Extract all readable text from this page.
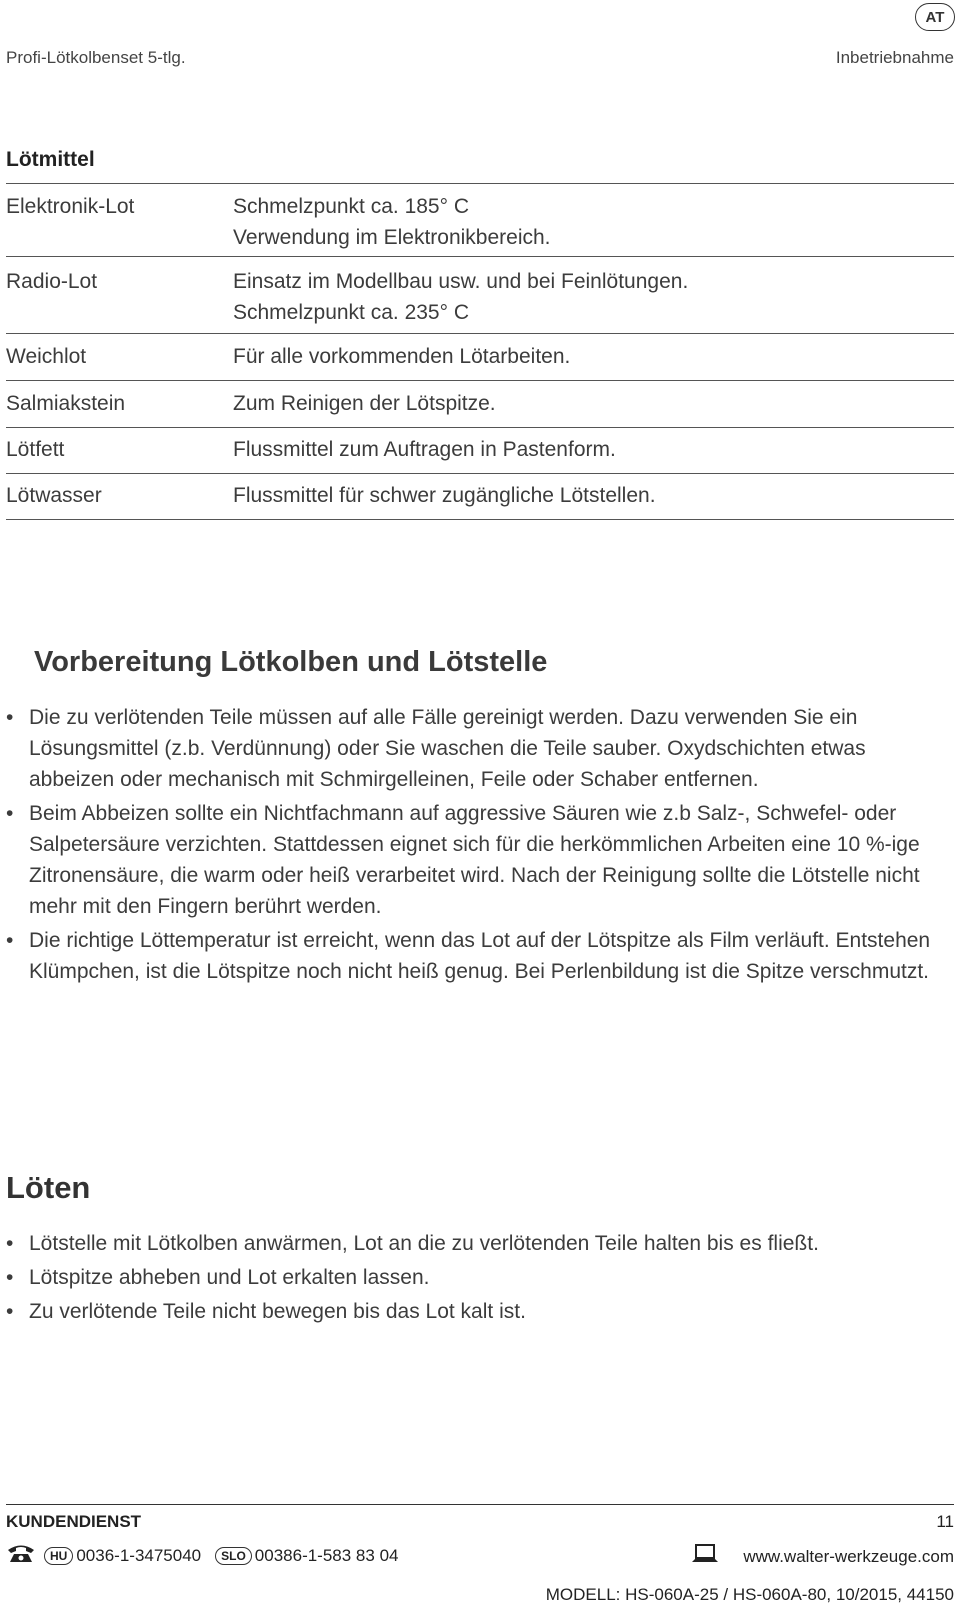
AT
Profi-Lötkolbenset 5-tlg.	Inbetriebnahme
Lötmittel
Elektronik-Lot	Schmelzpunkt ca. 185° C
Verwendung im Elektronikbereich.
Radio-Lot	Einsatz im Modellbau usw. und bei Feinlötungen.
Schmelzpunkt ca. 235° C
Weichlot	Für alle vorkommenden Lötarbeiten.
Salmiakstein	Zum Reinigen der Lötspitze.
Lötfett	Flussmittel zum Auftragen in Pastenform.
Lötwasser	Flussmittel für schwer zugängliche Lötstellen.
Vorbereitung Lötkolben und Lötstelle
• Die zu verlötenden Teile müssen auf alle Fälle gereinigt werden. Dazu verwenden Sie ein Lösungsmittel (z.b. Verdünnung) oder Sie waschen die Teile sauber. Oxydschichten etwas abbeizen oder mechanisch mit Schmirgelleinen, Feile oder Schaber entfernen.
• Beim Abbeizen sollte ein Nichtfachmann auf aggressive Säuren wie z.b Salz-, Schwefel- oder Salpetersäure verzichten. Stattdessen eignet sich für die herkömmlichen Arbeiten eine 10 %-ige Zitronensäure, die warm oder heiß verarbeitet wird. Nach der Reinigung sollte die Lötstelle nicht mehr mit den Fingern berührt werden.
• Die richtige Löttemperatur ist erreicht, wenn das Lot auf der Lötspitze als Film verläuft. Entstehen Klümpchen, ist die Lötspitze noch nicht heiß genug. Bei Perlenbildung ist die Spitze verschmutzt.
Löten
• Lötstelle mit Lötkolben anwärmen, Lot an die zu verlötenden Teile halten bis es fließt.
• Lötspitze abheben und Lot erkalten lassen.
• Zu verlötende Teile nicht bewegen bis das Lot kalt ist.
KUNDENDIENST	11
HU 0036-1-3475040	SLO 00386-1-583 83 04	www.walter-werkzeuge.com
MODELL: HS-060A-25 / HS-060A-80, 10/2015, 44150
